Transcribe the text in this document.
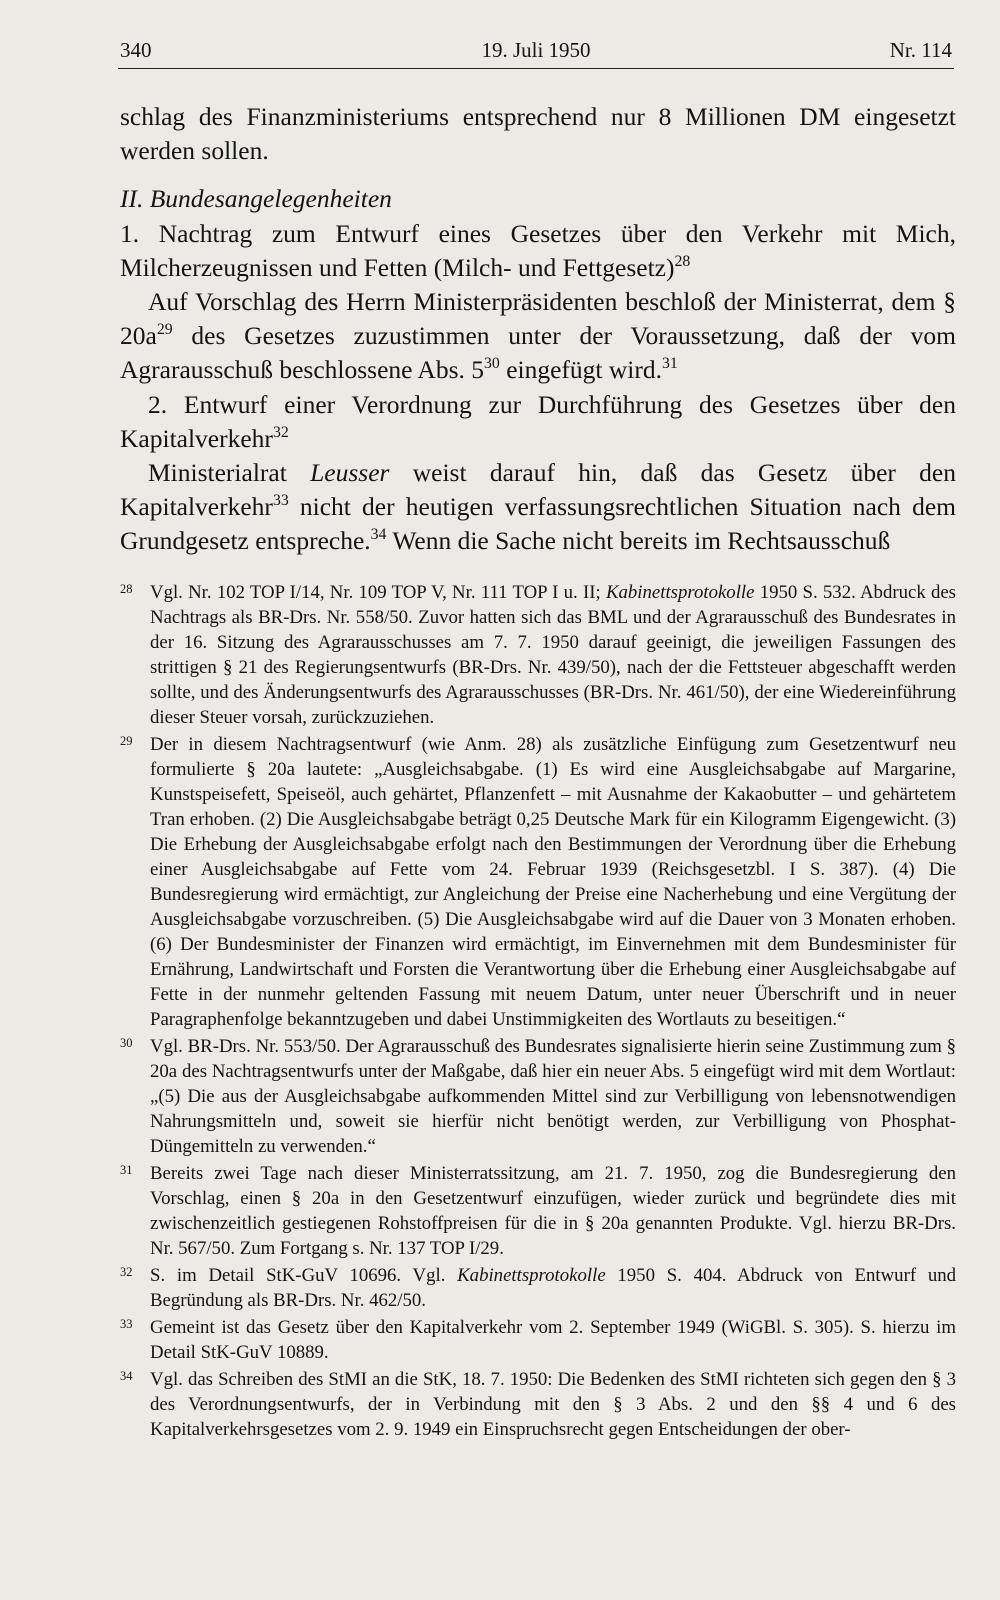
340	19. Juli 1950	Nr. 114

schlag des Finanzministeriums entsprechend nur 8 Millionen DM eingesetzt werden sollen.

II. Bundesangelegenheiten

1. Nachtrag zum Entwurf eines Gesetzes über den Verkehr mit Mich, Milcherzeugnissen und Fetten (Milch- und Fettgesetz)$^{28}$

Auf Vorschlag des Herrn Ministerpräsidenten beschloß der Ministerrat, dem § $20a^{29}$ des Gesetzes zuzustimmen unter der Voraussetzung, daß der vom Agrarausschuß beschlossene Abs. $5^{30}$ eingefügt wird.$^{31}$

2. Entwurf einer Verordnung zur Durchführung des Gesetzes über den Kapitalverkehr$^{32}$

Ministerialrat Leusser weist darauf hin, daß das Gesetz über den Kapitalverkehr$^{33}$ nicht der heutigen verfassungsrechtlichen Situation nach dem Grundgesetz entspreche.$^{34}$ Wenn die Sache nicht bereits im Rechtsausschuß

28 Vgl. Nr. 102 TOP I/14, Nr. 109 TOP V, Nr. 111 TOP I u. II; Kabinettsprotokolle 1950 S. 532. Abdruck des Nachtrags als BR-Drs. Nr. 558/50. Zuvor hatten sich das BML und der Agrarausschuß des Bundesrates in der 16. Sitzung des Agrarausschusses am 7. 7. 1950 darauf geeinigt, die jeweiligen Fassungen des strittigen § 21 des Regierungsentwurfs (BR-Drs. Nr. 439/50), nach der die Fettsteuer abgeschafft werden sollte, und des Änderungsentwurfs des Agrarausschusses (BR-Drs. Nr. 461/50), der eine Wiedereinführung dieser Steuer vorsah, zurückzuziehen.
29 Der in diesem Nachtragsentwurf (wie Anm. 28) als zusätzliche Einfügung zum Gesetzentwurf neu formulierte § 20a lautete: „Ausgleichsabgabe. (1) Es wird eine Ausgleichsabgabe auf Margarine, Kunstspeisefett, Speiseöl, auch gehärtet, Pflanzenfett – mit Ausnahme der Kakaobutter – und gehärtetem Tran erhoben. (2) Die Ausgleichsabgabe beträgt 0,25 Deutsche Mark für ein Kilogramm Eigengewicht. (3) Die Erhebung der Ausgleichsabgabe erfolgt nach den Bestimmungen der Verordnung über die Erhebung einer Ausgleichsabgabe auf Fette vom 24. Februar 1939 (Reichsgesetzbl. I S. 387). (4) Die Bundesregierung wird ermächtigt, zur Angleichung der Preise eine Nacherhebung und eine Vergütung der Ausgleichsabgabe vorzuschreiben. (5) Die Ausgleichsabgabe wird auf die Dauer von 3 Monaten erhoben. (6) Der Bundesminister der Finanzen wird ermächtigt, im Einvernehmen mit dem Bundesminister für Ernährung, Landwirtschaft und Forsten die Verantwortung über die Erhebung einer Ausgleichsabgabe auf Fette in der nunmehr geltenden Fassung mit neuem Datum, unter neuer Überschrift und in neuer Paragraphenfolge bekanntzugeben und dabei Unstimmigkeiten des Wortlauts zu beseitigen.“
30 Vgl. BR-Drs. Nr. 553/50. Der Agrarausschuß des Bundesrates signalisierte hierin seine Zustimmung zum § 20a des Nachtragsentwurfs unter der Maßgabe, daß hier ein neuer Abs. 5 eingefügt wird mit dem Wortlaut: „(5) Die aus der Ausgleichsabgabe aufkommenden Mittel sind zur Verbilligung von lebensnotwendigen Nahrungsmitteln und, soweit sie hierfür nicht benötigt werden, zur Verbilligung von Phosphat-Düngemitteln zu verwenden.“
31 Bereits zwei Tage nach dieser Ministerratssitzung, am 21. 7. 1950, zog die Bundesregierung den Vorschlag, einen § 20a in den Gesetzentwurf einzufügen, wieder zurück und begründete dies mit zwischenzeitlich gestiegenen Rohstoffpreisen für die in § 20a genannten Produkte. Vgl. hierzu BR-Drs. Nr. 567/50. Zum Fortgang s. Nr. 137 TOP I/29.
32 S. im Detail StK-GuV 10696. Vgl. Kabinettsprotokolle 1950 S. 404. Abdruck von Entwurf und Begründung als BR-Drs. Nr. 462/50.
33 Gemeint ist das Gesetz über den Kapitalverkehr vom 2. September 1949 (WiGBl. S. 305). S. hierzu im Detail StK-GuV 10889.
34 Vgl. das Schreiben des StMI an die StK, 18. 7. 1950: Die Bedenken des StMI richteten sich gegen den § 3 des Verordnungsentwurfs, der in Verbindung mit den § 3 Abs. 2 und den §§ 4 und 6 des Kapitalverkehrsgesetzes vom 2. 9. 1949 ein Einspruchsrecht gegen Entscheidungen der ober-
